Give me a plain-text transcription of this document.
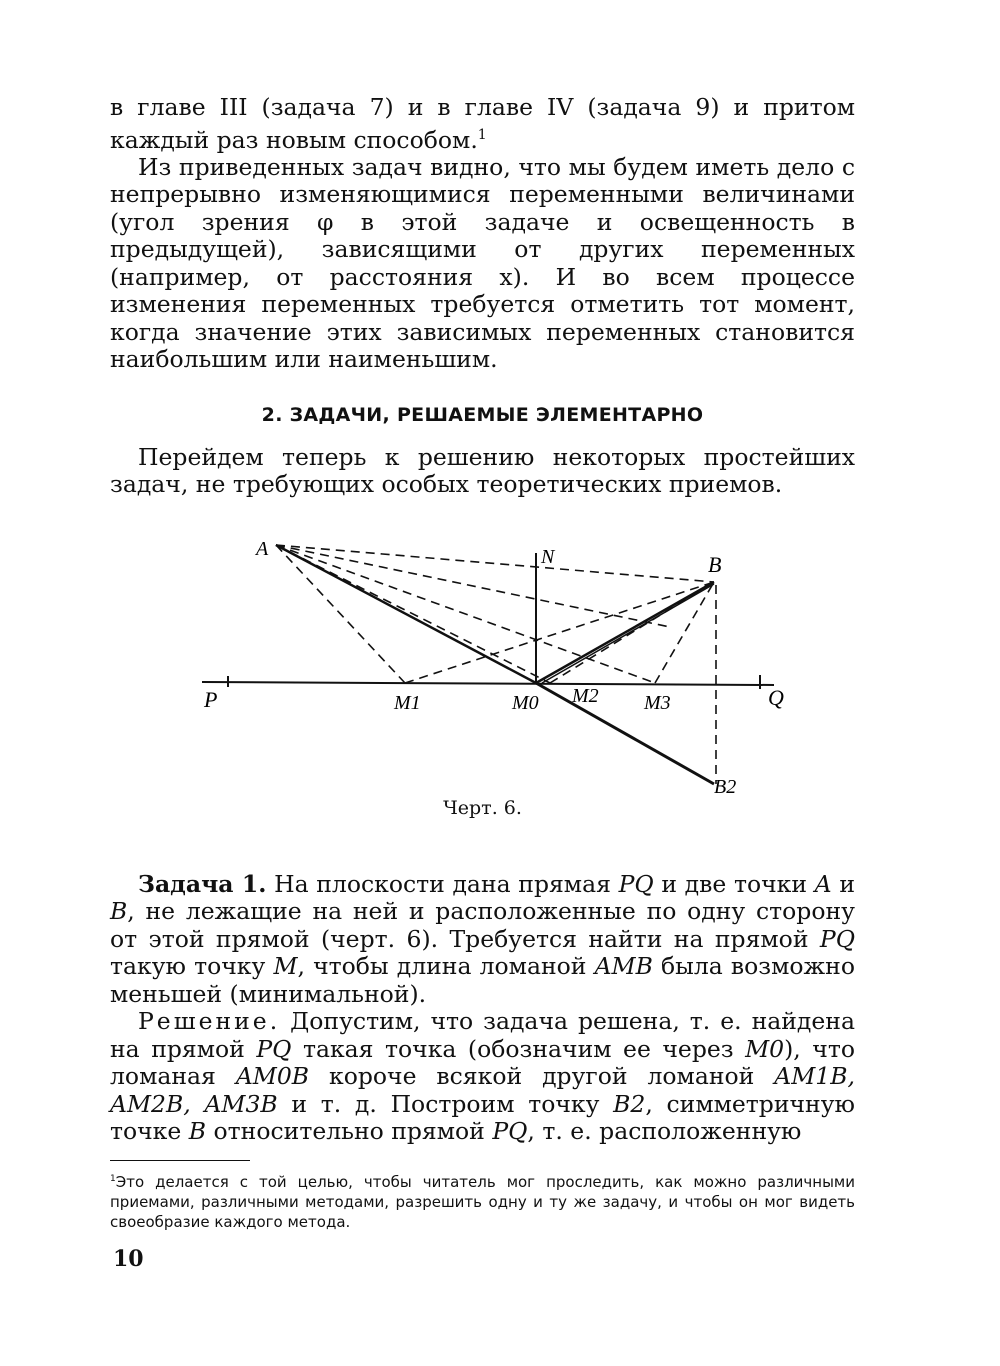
в главе III (задача 7) и в главе IV (задача 9) и притом каждый раз новым способом.$^1$

Из приведенных задач видно, что мы будем иметь дело с непрерывно изменяющимися переменными величинами (угол зрения φ в этой задаче и освещенность в предыдущей), зависящими от других переменных (например, от расстояния x). И во всем процессе изменения переменных требуется отметить тот момент, когда значение этих зависимых переменных становится наибольшим или наименьшим.

2. ЗАДАЧИ, РЕШАЕМЫЕ ЭЛЕМЕНТАРНО

Перейдем теперь к решению некоторых простейших задач, не требующих особых теоретических приемов.

A	N	B
P	Q
M1	M0 M2 M3
B2
Черт. 6.

Задача 1. На плоскости дана прямая PQ и две точки A и B, не лежащие на ней и расположенные по одну сторону от этой прямой (черт. 6). Требуется найти на прямой PQ такую точку M, чтобы длина ломаной AMB была возможно меньшей (минимальной).

Решение. Допустим, что задача решена, т. е. найдена на прямой PQ такая точка (обозначим ее через M0), что ломаная AM0B короче всякой другой ломаной AM1B, AM2B, AM3B и т. д. Построим точку B2, симметричную точке B относительно прямой PQ, т. е. расположенную

$^1$Это делается с той целью, чтобы читатель мог проследить, как можно различными приемами, различными методами, разрешить одну и ту же задачу, и чтобы он мог видеть своеобразие каждого метода.

10
